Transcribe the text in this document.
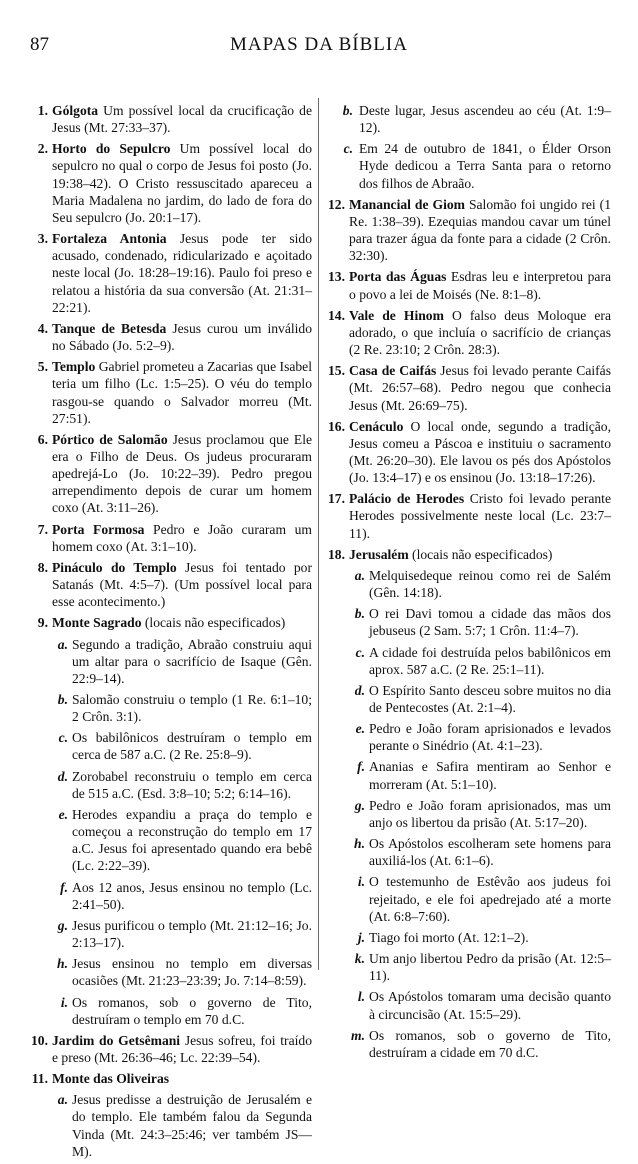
87	MAPAS DA BÍBLIA
1. Gólgota Um possível local da crucificação de Jesus (Mt. 27:33–37).
2. Horto do Sepulcro Um possível local do sepulcro no qual o corpo de Jesus foi posto (Jo. 19:38–42). O Cristo ressuscitado apareceu a Maria Madalena no jardim, do lado de fora do Seu sepulcro (Jo. 20:1–17).
3. Fortaleza Antonia Jesus pode ter sido acusado, condenado, ridicularizado e açoitado neste local (Jo. 18:28–19:16). Paulo foi preso e relatou a história da sua conversão (At. 21:31–22:21).
4. Tanque de Betesda Jesus curou um inválido no Sábado (Jo. 5:2–9).
5. Templo Gabriel prometeu a Zacarias que Isabel teria um filho (Lc. 1:5–25). O véu do templo rasgou-se quando o Salvador morreu (Mt. 27:51).
6. Pórtico de Salomão Jesus proclamou que Ele era o Filho de Deus. Os judeus procuraram apedrejá-Lo (Jo. 10:22–39). Pedro pregou arrependimento depois de curar um homem coxo (At. 3:11–26).
7. Porta Formosa Pedro e João curaram um homem coxo (At. 3:1–10).
8. Pináculo do Templo Jesus foi tentado por Satanás (Mt. 4:5–7). (Um possível local para esse acontecimento.)
9. Monte Sagrado (locais não especificados)
a. Segundo a tradição, Abraão construiu aqui um altar para o sacrifício de Isaque (Gên. 22:9–14).
b. Salomão construiu o templo (1 Re. 6:1–10; 2 Crôn. 3:1).
c. Os babilônicos destruíram o templo em cerca de 587 a.C. (2 Re. 25:8–9).
d. Zorobabel reconstruiu o templo em cerca de 515 a.C. (Esd. 3:8–10; 5:2; 6:14–16).
e. Herodes expandiu a praça do templo e começou a reconstrução do templo em 17 a.C. Jesus foi apresentado quando era bebê (Lc. 2:22–39).
f. Aos 12 anos, Jesus ensinou no templo (Lc. 2:41–50).
g. Jesus purificou o templo (Mt. 21:12–16; Jo. 2:13–17).
h. Jesus ensinou no templo em diversas ocasiões (Mt. 21:23–23:39; Jo. 7:14–8:59).
i. Os romanos, sob o governo de Tito, destruíram o templo em 70 d.C.
10. Jardim do Getsêmani Jesus sofreu, foi traído e preso (Mt. 26:36–46; Lc. 22:39–54).
11. Monte das Oliveiras
a. Jesus predisse a destruição de Jerusalém e do templo. Ele também falou da Segunda Vinda (Mt. 24:3–25:46; ver também JS—M).
b. Deste lugar, Jesus ascendeu ao céu (At. 1:9–12).
c. Em 24 de outubro de 1841, o Élder Orson Hyde dedicou a Terra Santa para o retorno dos filhos de Abraão.
12. Manancial de Giom Salomão foi ungido rei (1 Re. 1:38–39). Ezequias mandou cavar um túnel para trazer água da fonte para a cidade (2 Crôn. 32:30).
13. Porta das Águas Esdras leu e interpretou para o povo a lei de Moisés (Ne. 8:1–8).
14. Vale de Hinom O falso deus Moloque era adorado, o que incluía o sacrifício de crianças (2 Re. 23:10; 2 Crôn. 28:3).
15. Casa de Caifás Jesus foi levado perante Caifás (Mt. 26:57–68). Pedro negou que conhecia Jesus (Mt. 26:69–75).
16. Cenáculo O local onde, segundo a tradição, Jesus comeu a Páscoa e instituiu o sacramento (Mt. 26:20–30). Ele lavou os pés dos Apóstolos (Jo. 13:4–17) e os ensinou (Jo. 13:18–17:26).
17. Palácio de Herodes Cristo foi levado perante Herodes possivelmente neste local (Lc. 23:7–11).
18. Jerusalém (locais não especificados)
a. Melquisedeque reinou como rei de Salém (Gên. 14:18).
b. O rei Davi tomou a cidade das mãos dos jebuseus (2 Sam. 5:7; 1 Crôn. 11:4–7).
c. A cidade foi destruída pelos babilônicos em aprox. 587 a.C. (2 Re. 25:1–11).
d. O Espírito Santo desceu sobre muitos no dia de Pentecostes (At. 2:1–4).
e. Pedro e João foram aprisionados e levados perante o Sinédrio (At. 4:1–23).
f. Ananias e Safira mentiram ao Senhor e morreram (At. 5:1–10).
g. Pedro e João foram aprisionados, mas um anjo os libertou da prisão (At. 5:17–20).
h. Os Apóstolos escolheram sete homens para auxiliá-los (At. 6:1–6).
i. O testemunho de Estêvão aos judeus foi rejeitado, e ele foi apedrejado até a morte (At. 6:8–7:60).
j. Tiago foi morto (At. 12:1–2).
k. Um anjo libertou Pedro da prisão (At. 12:5–11).
l. Os Apóstolos tomaram uma decisão quanto à circuncisão (At. 15:5–29).
m. Os romanos, sob o governo de Tito, destruíram a cidade em 70 d.C.
